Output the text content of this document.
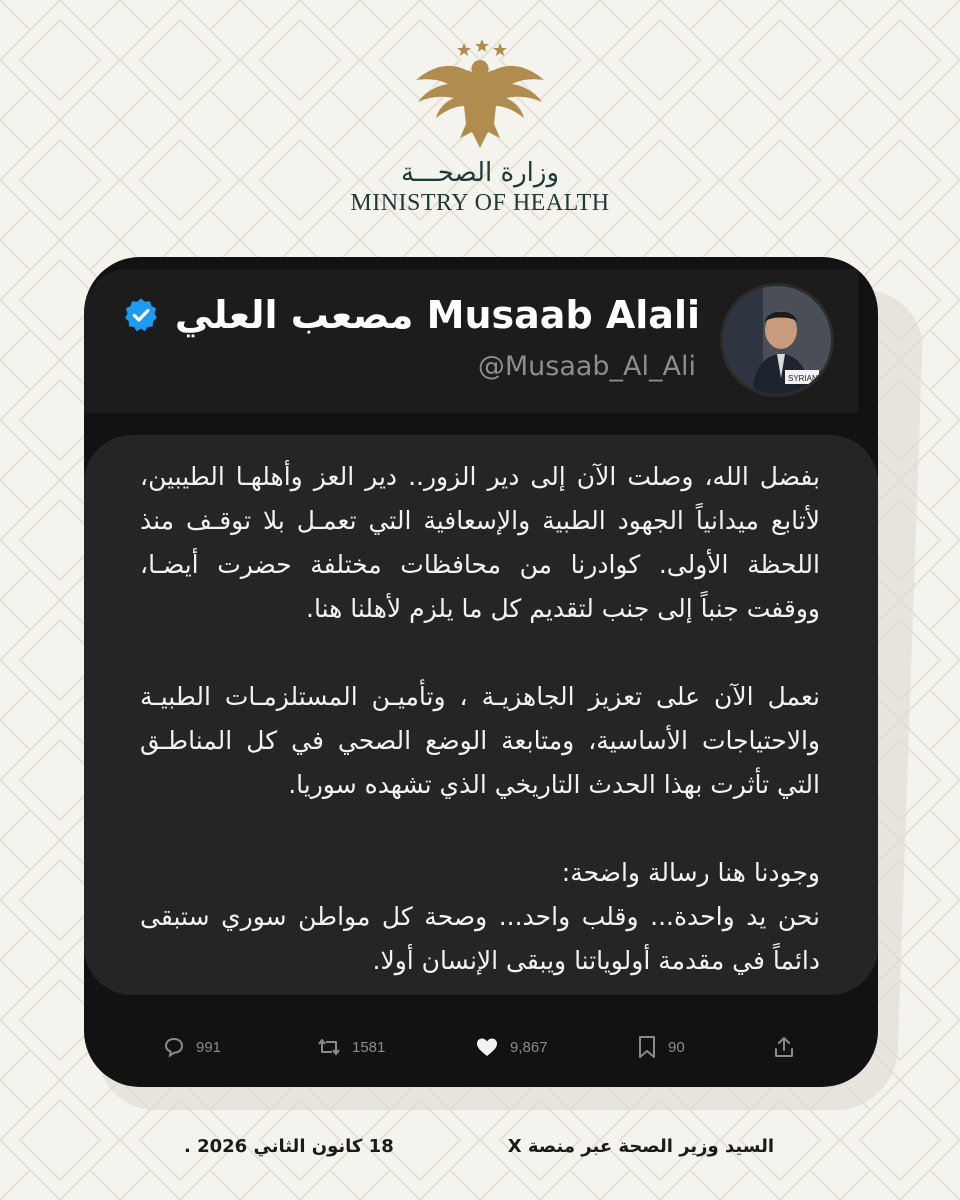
وزارة الصحـــة
MINISTRY OF HEALTH
SYRIAN
مصعب العلي Musaab Alali
@Musaab_Al_Ali

بفضل الله، وصلت الآن إلى دير الزور.. دير العز وأهلهـا الطيبين، لأتابع ميدانياً الجهود الطبية والإسعافية التي تعمـل بلا توقـف منذ اللحظة الأولى. كوادرنا من محافظات مختلفة حضرت أيضـا، ووقفت جنباً إلى جنب لتقديم كل ما يلزم لأهلنا هنا.

نعمل الآن على تعزيز الجاهزيـة ، وتأميـن المستلزمـات الطبيـة والاحتياجات الأساسية، ومتابعة الوضع الصحي في كل المناطـق التي تأثرت بهذا الحدث التاريخي الذي تشهده سوريا.

وجودنا هنا رسالة واضحة:
نحن يد واحدة... وقلب واحد... وصحة كل مواطن سوري ستبقى دائماً في مقدمة أولوياتنا ويبقى الإنسان أولا.

991	1581	9,867	90
18 كانون الثاني 2026 .	السيد وزير الصحة عبر منصة X
